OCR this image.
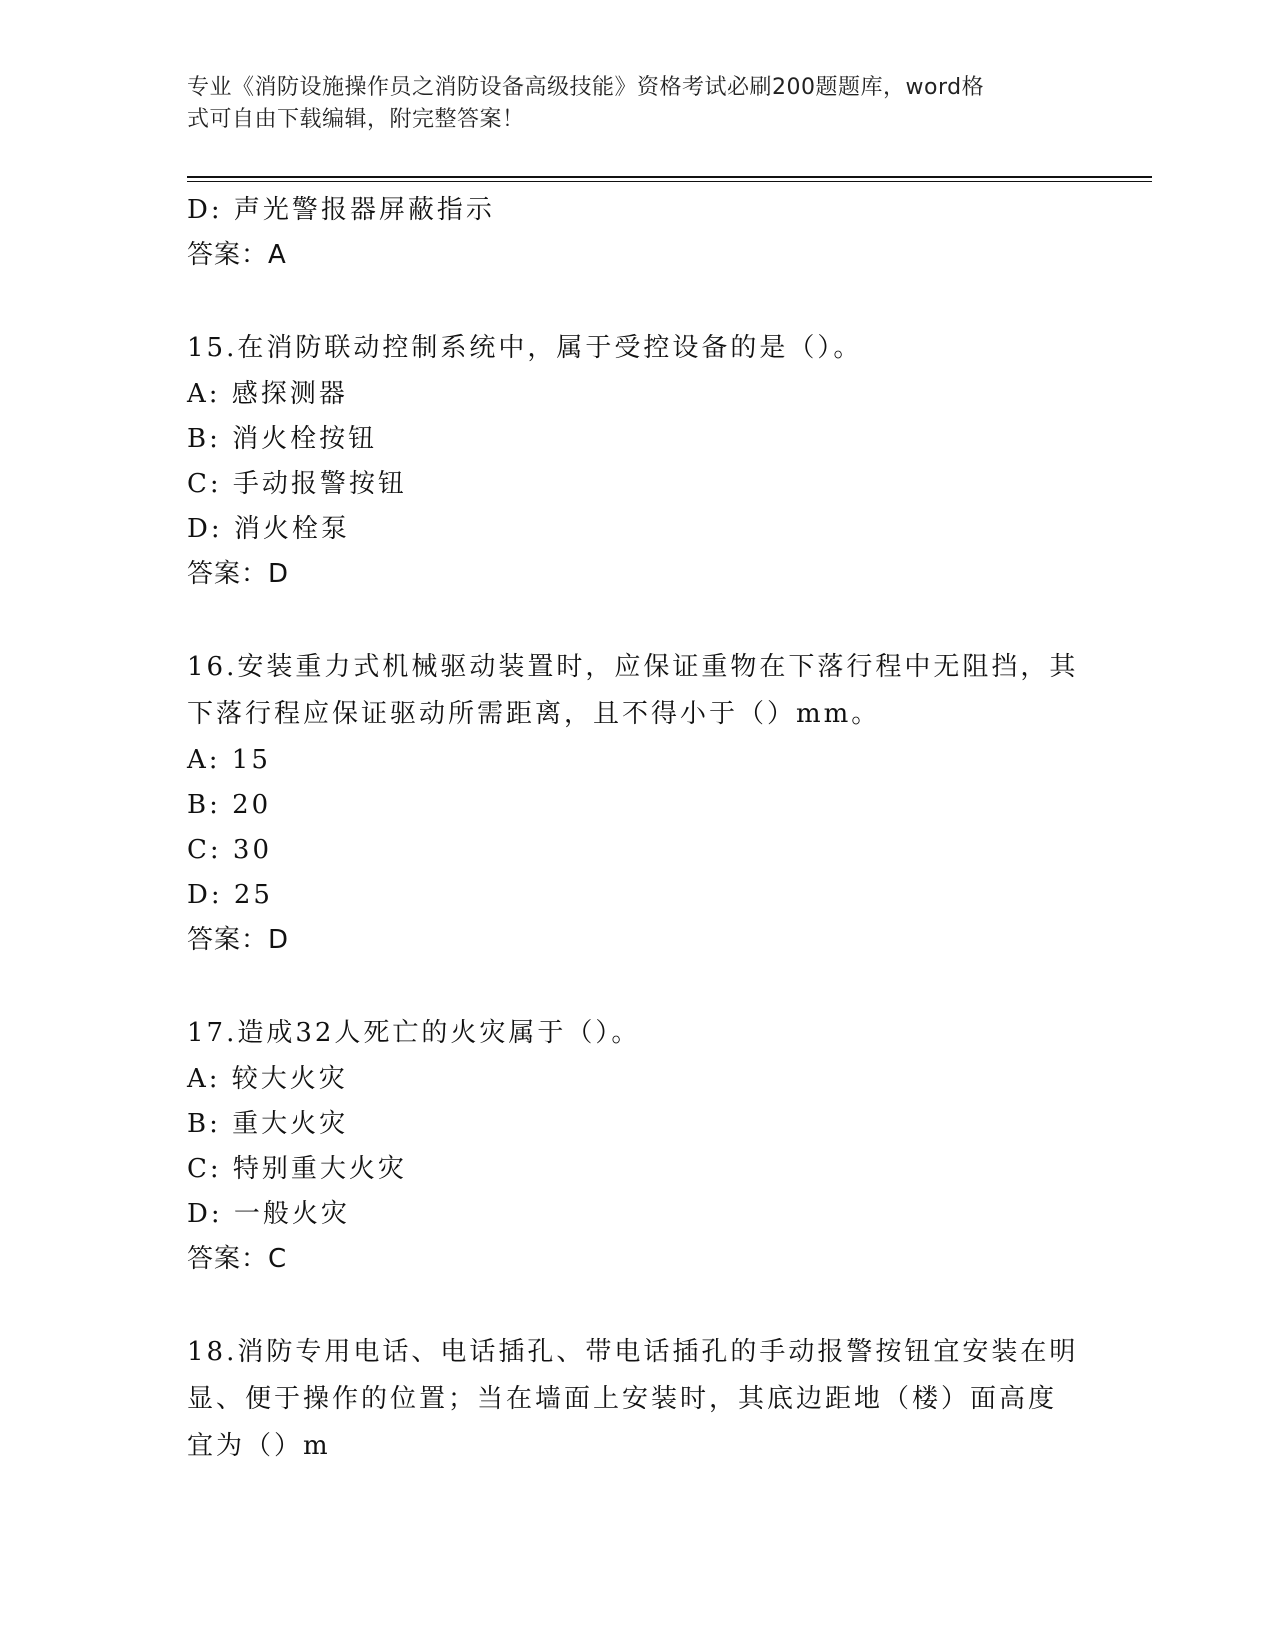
专业《消防设施操作员之消防设备高级技能》资格考试必刷200题题库，word格
式可自由下载编辑，附完整答案！
D: 声光警报器屏蔽指示
答案：A
15.在消防联动控制系统中，属于受控设备的是（）。
A: 感探测器
B: 消火栓按钮
C: 手动报警按钮
D: 消火栓泵
答案：D
16.安装重力式机械驱动装置时，应保证重物在下落行程中无阻挡，其
下落行程应保证驱动所需距离，且不得小于（）mm。
A: 15
B: 20
C: 30
D: 25
答案：D
17.造成32人死亡的火灾属于（）。
A: 较大火灾
B: 重大火灾
C: 特别重大火灾
D: 一般火灾
答案：C
18.消防专用电话、电话插孔、带电话插孔的手动报警按钮宜安装在明
显、便于操作的位置；当在墙面上安装时，其底边距地（楼）面高度
宜为（）m
